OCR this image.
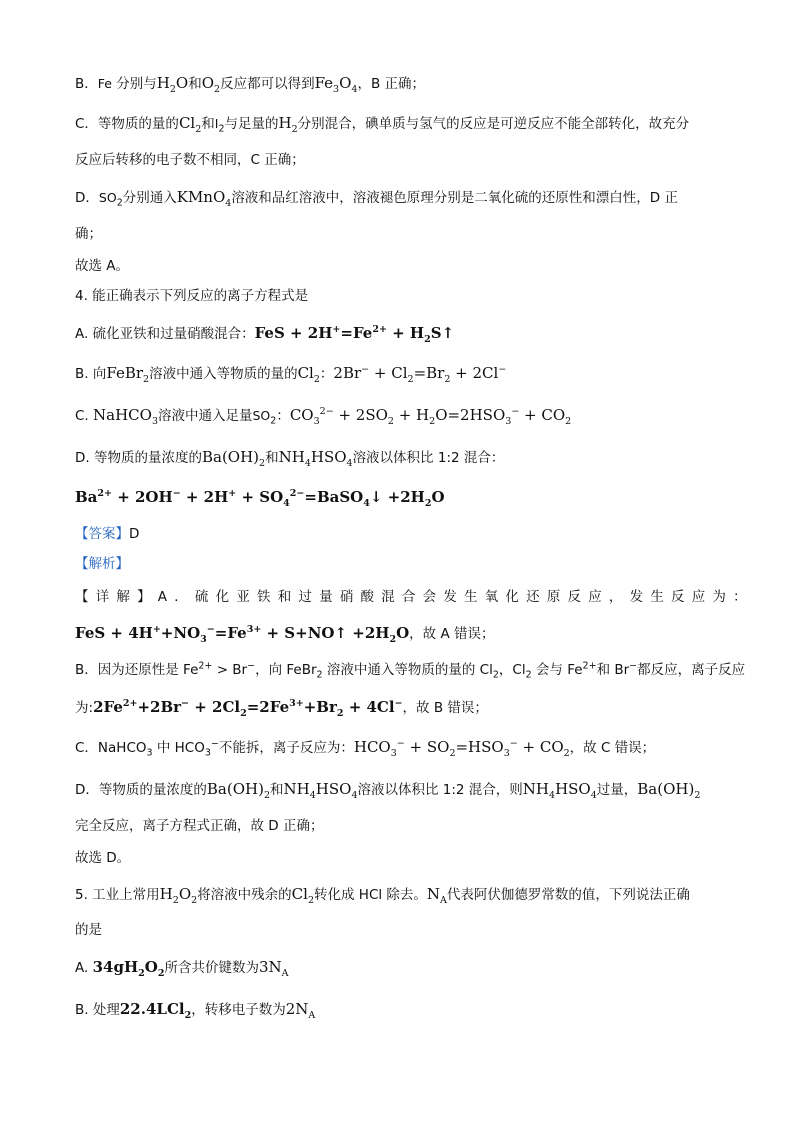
B．Fe 分别与$H_2O$和$O_2$反应都可以得到$Fe_3O_4$，B 正确；
C．等物质的量的$Cl_2$和$I_2$与足量的$H_2$分别混合，碘单质与氢气的反应是可逆反应不能全部转化，故充分
反应后转移的电子数不相同，C 正确；
D．$SO_2$分别通入KMnO$_4$溶液和品红溶液中，溶液褪色原理分别是二氧化硫的还原性和漂白性，D 正
确；
故选 A。
4. 能正确表示下列反应的离子方程式是
A. 硫化亚铁和过量硝酸混合：FeS + $2H^+=Fe^{2+}$ + $H_2S↑$
B. 向FeBr$_2$溶液中通入等物质的量的$Cl_2$：$2Br^- + Cl_2=Br_2 + 2Cl^-$
C. NaHCO$_3$溶液中通入足量$SO_2$：$CO_3^{2-} + 2SO_2 + H_2O=2HSO_3^- + CO_2$
D. 等物质的量浓度的$Ba(OH)_2$和$NH_4HSO_4$溶液以体积比 1:2 混合：
$Ba^{2+} + 2OH^- + 2H^+$ + $SO_4^{2-}=BaSO_4↓ +2H_2O$
【答案】D
【解析】
【详解】A．硫化亚铁和过量硝酸混合会发生氧化还原反应，发生反应为：
FeS + $4H^++NO_3^-=Fe^{3+}$ + S+NO↑ $+2H_2O$，故 A 错误；
B．因为还原性是 $Fe^{2+} > Br^-$，向 FeBr$_2$ 溶液中通入等物质的量的 $Cl_2$，$Cl_2$ 会与 $Fe^{2+}$和 Br−都反应，离子反应
为$:2Fe^{2+}+2Br^- + 2Cl_2=2Fe^{3+}+Br_2 + 4Cl^-$，故 B 错误；
C．NaHCO$_3$ 中 $HCO_3^-$不能拆，离子反应为：$HCO_3^- + SO_2=HSO_3^- + CO_2$，故 C 错误；
D．等物质的量浓度的$Ba(OH)_2$和$NH_4HSO_4$溶液以体积比 1:2 混合，则$NH_4HSO_4$过量，$Ba(OH)_2$
完全反应，离子方程式正确，故 D 正确；
故选 D。
5. 工业上常用$H_2O_2$将溶液中残余的$Cl_2$转化成 HCl 除去。$N_A$代表阿伏伽德罗常数的值，下列说法正确
的是
A. $34gH_2O_2$所含共价键数为$3N_A$
B. 处理22.4LCl$_2$，转移电子数为$2N_A$
